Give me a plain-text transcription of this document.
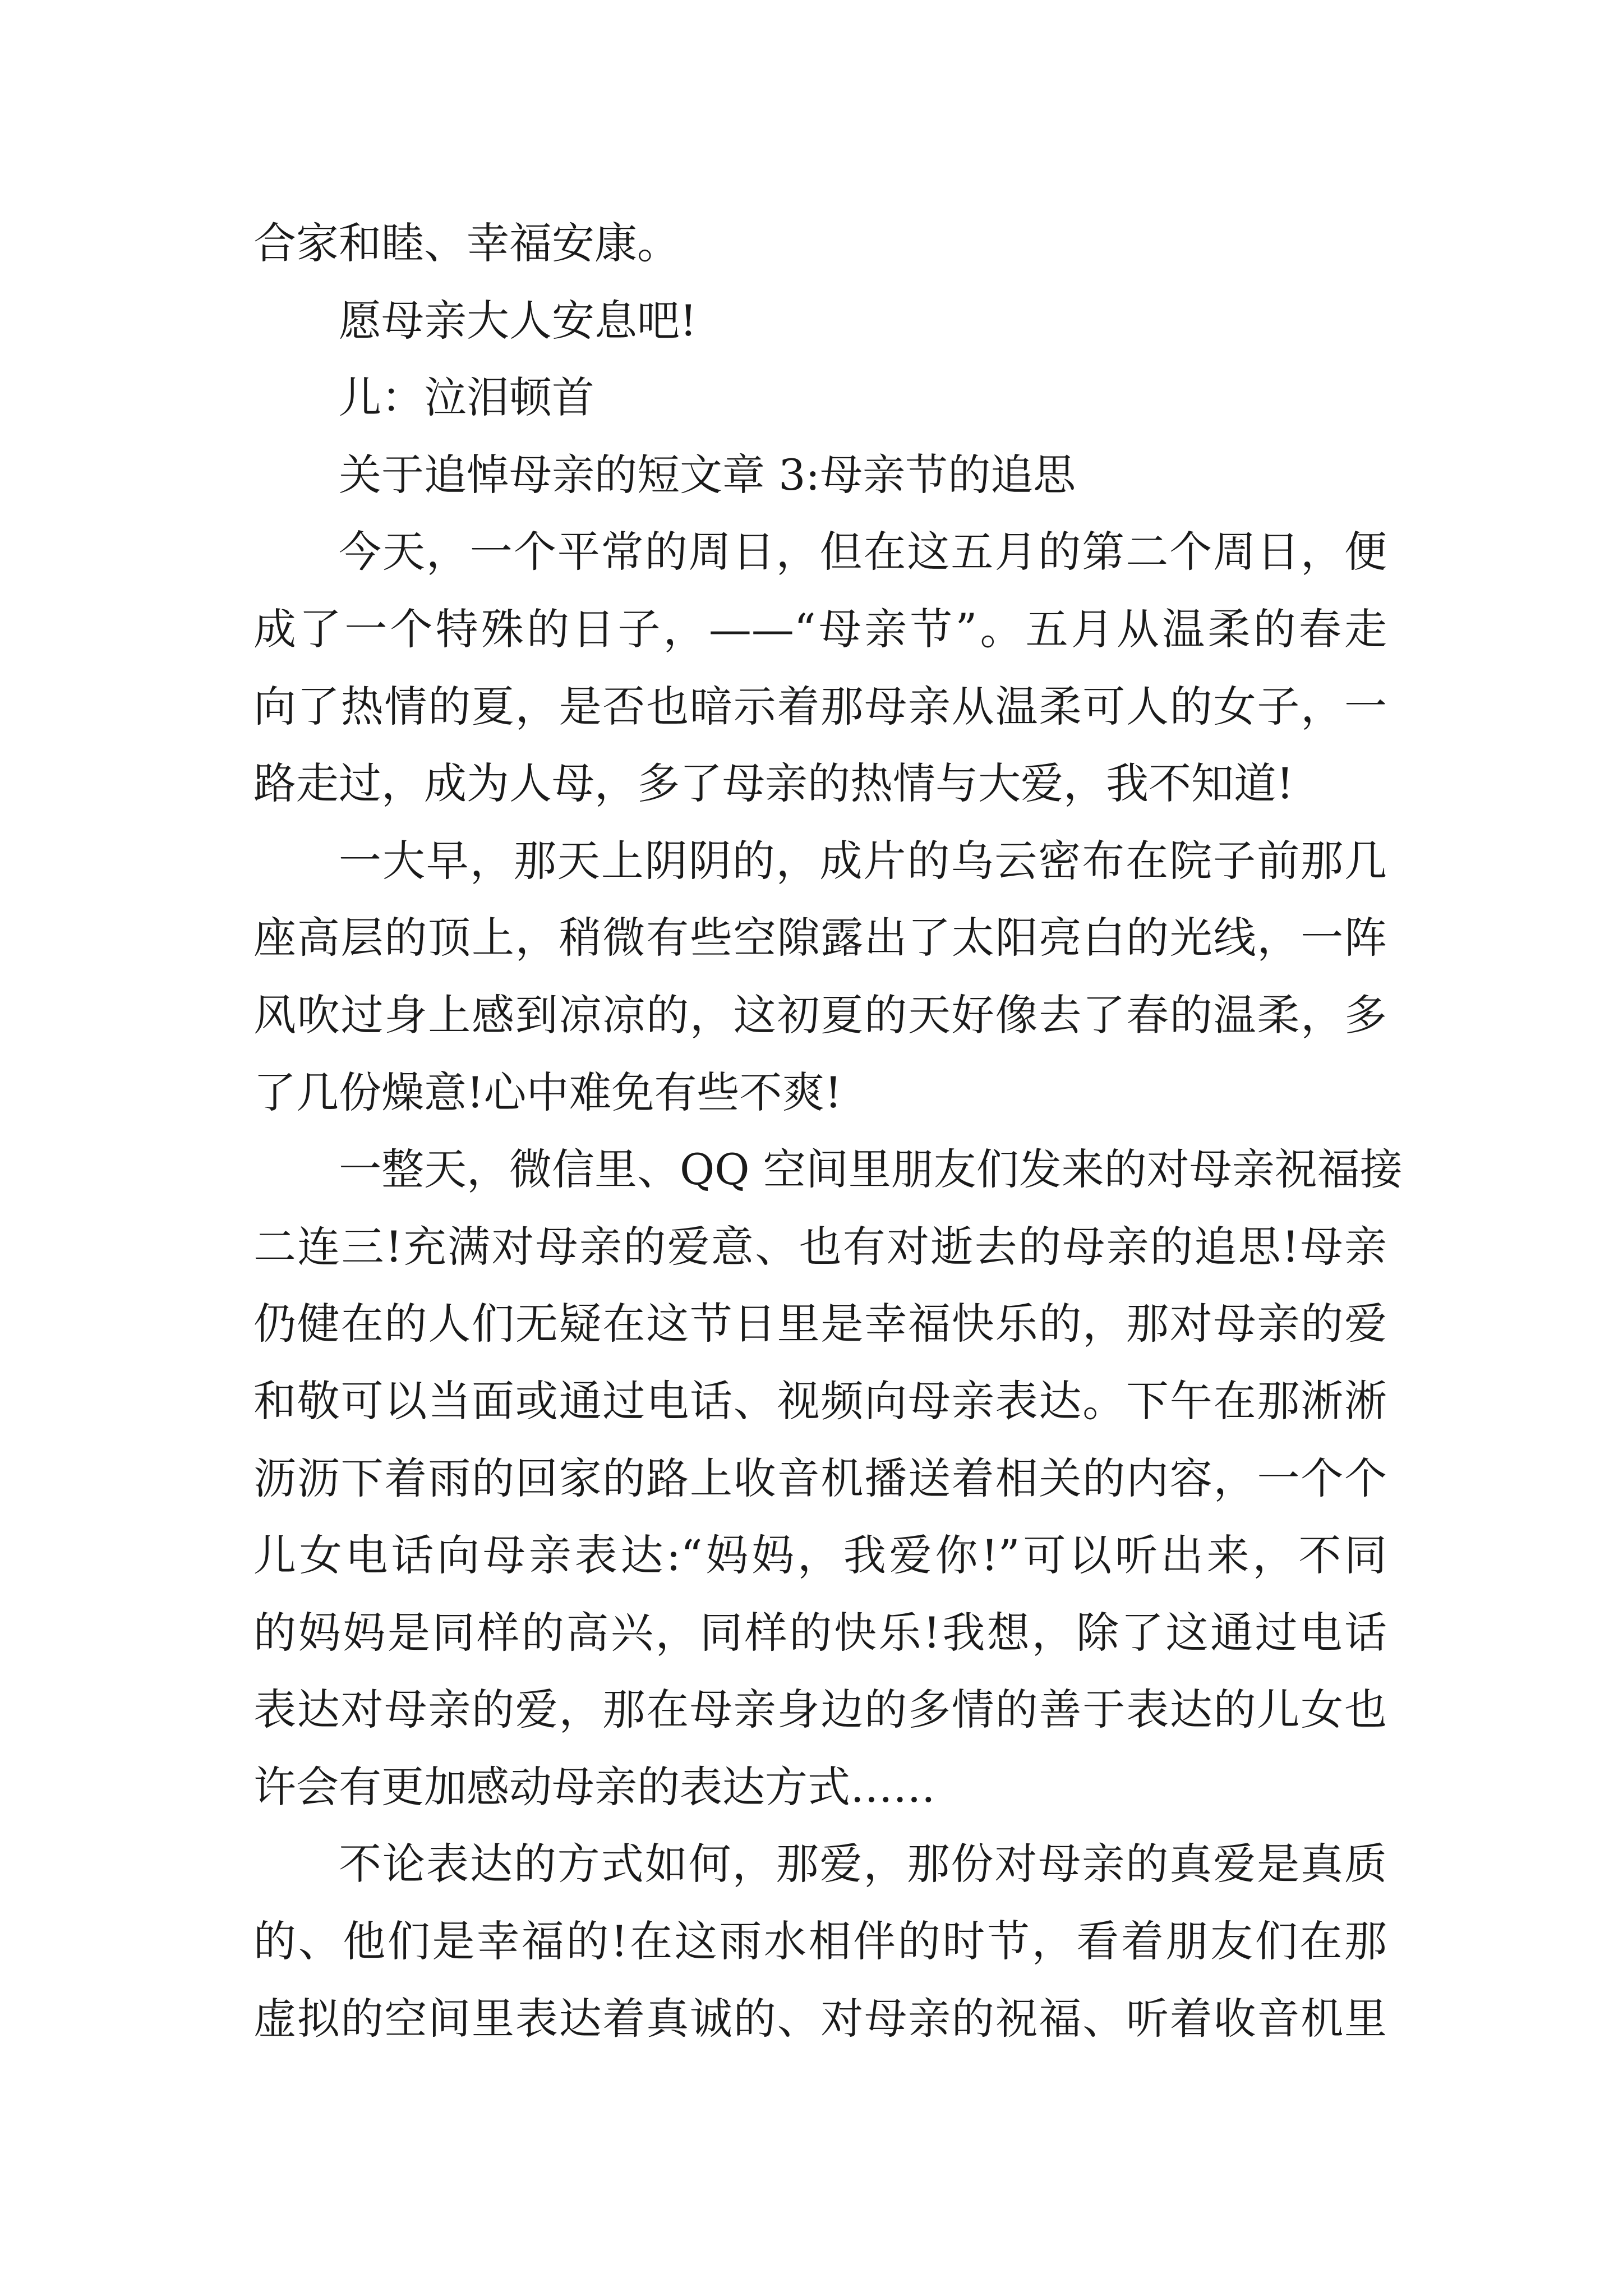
合家和睦、幸福安康。
愿母亲大人安息吧!
儿：泣泪顿首
关于追悼母亲的短文章 3:母亲节的追思
今天，一个平常的周日，但在这五月的第二个周日，便
成了一个特殊的日子，——“母亲节”。五月从温柔的春走
向了热情的夏，是否也暗示着那母亲从温柔可人的女子，一
路走过，成为人母，多了母亲的热情与大爱，我不知道!
一大早，那天上阴阴的，成片的乌云密布在院子前那几
座高层的顶上，稍微有些空隙露出了太阳亮白的光线，一阵
风吹过身上感到凉凉的，这初夏的天好像去了春的温柔，多
了几份燥意!心中难免有些不爽!
一整天，微信里、QQ 空间里朋友们发来的对母亲祝福接
二连三!充满对母亲的爱意、也有对逝去的母亲的追思!母亲
仍健在的人们无疑在这节日里是幸福快乐的，那对母亲的爱
和敬可以当面或通过电话、视频向母亲表达。下午在那淅淅
沥沥下着雨的回家的路上收音机播送着相关的内容，一个个
儿女电话向母亲表达:“妈妈，我爱你!”可以听出来，不同
的妈妈是同样的高兴，同样的快乐!我想，除了这通过电话
表达对母亲的爱，那在母亲身边的多情的善于表达的儿女也
许会有更加感动母亲的表达方式……
不论表达的方式如何，那爱，那份对母亲的真爱是真质
的、他们是幸福的!在这雨水相伴的时节，看着朋友们在那
虚拟的空间里表达着真诚的、对母亲的祝福、听着收音机里
